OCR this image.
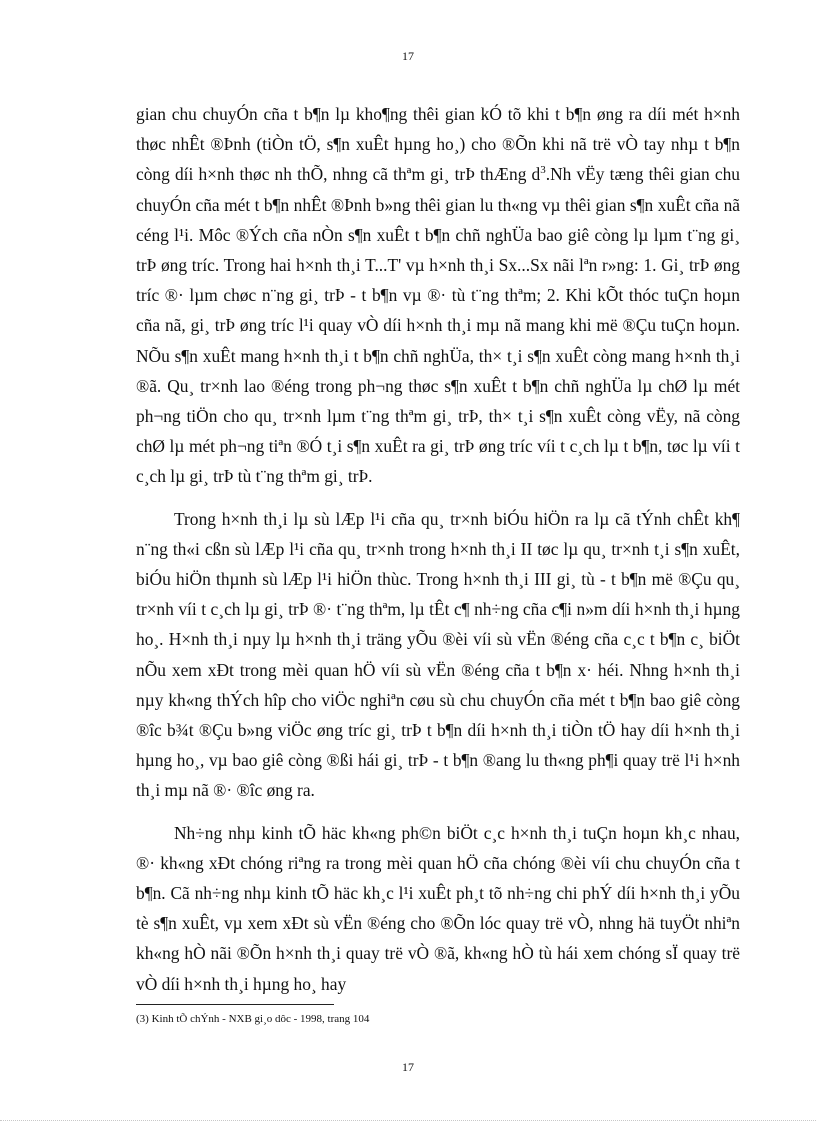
17

gian chu chuyÓn cña t b¶n lµ kho¶ng thêi gian kÓ tõ khi t b¶n øng ra díi mét h×nh thøc nhÊt ®Þnh (tiÒn tÖ, s¶n xuÊt hµng ho¸) cho ®Õn khi nã trë vÒ tay nhµ t b¶n còng díi h×nh thøc nh thÕ, nhng cã thªm gi¸ trÞ thÆng $d^3.Nh$ vËy tæng thêi gian chu chuyÓn cña mét t b¶n nhÊt ®Þnh b»ng thêi gian lu th«ng vµ thêi gian s¶n xuÊt cña nã céng l¹i. Môc ®Ých cña nÒn s¶n xuÊt t b¶n chñ nghÜa bao giê còng lµ lµm t¨ng gi¸ trÞ øng tríc. Trong hai h×nh th¸i T...T' vµ h×nh th¸i Sx...Sx nãi lªn r»ng: 1. Gi¸ trÞ øng tríc ®· lµm chøc n¨ng gi¸ trÞ - t b¶n vµ ®· tù t¨ng thªm; 2. Khi kÕt thóc tuÇn hoµn cña nã, gi¸ trÞ øng tríc l¹i quay vÒ díi h×nh th¸i mµ nã mang khi më ®Çu tuÇn hoµn. NÕu s¶n xuÊt mang h×nh th¸i t b¶n chñ nghÜa, th× t¸i s¶n xuÊt còng mang h×nh th¸i ®ã. Qu¸ tr×nh lao ®éng trong ph¬ng thøc s¶n xuÊt t b¶n chñ nghÜa lµ chØ lµ mét ph¬ng tiÖn cho qu¸ tr×nh lµm t¨ng thªm gi¸ trÞ, th× t¸i s¶n xuÊt còng vËy, nã còng chØ lµ mét ph¬ng tiªn ®Ó t¸i s¶n xuÊt ra gi¸ trÞ øng tríc víi t c¸ch lµ t b¶n, tøc lµ víi t c¸ch lµ gi¸ trÞ tù t¨ng thªm gi¸ trÞ.

Trong h×nh th¸i lµ sù lÆp l¹i cña qu¸ tr×nh biÓu hiÖn ra lµ cã tÝnh chÊt kh¶ n¨ng th«i cßn sù lÆp l¹i cña qu¸ tr×nh trong h×nh th¸i II tøc lµ qu¸ tr×nh t¸i s¶n xuÊt, biÓu hiÖn thµnh sù lÆp l¹i hiÖn thùc. Trong h×nh th¸i III gi¸ tù - t b¶n më ®Çu qu¸ tr×nh víi t c¸ch lµ gi¸ trÞ ®· t¨ng thªm, lµ tÊt c¶ nh÷ng cña c¶i n»m díi h×nh th¸i hµng ho¸. H×nh th¸i nµy lµ h×nh th¸i träng yÕu ®èi víi sù vËn ®éng cña c¸c t b¶n c¸ biÖt nÕu xem xÐt trong mèi quan hÖ víi sù vËn ®éng cña t b¶n x· héi. Nhng h×nh th¸i nµy kh«ng thÝch hîp cho viÖc nghiªn cøu sù chu chuyÓn cña mét t b¶n bao giê còng ®îc b¾t ®Çu b»ng viÖc øng tríc gi¸ trÞ t b¶n díi h×nh th¸i tiÒn tÖ hay díi h×nh th¸i hµng ho¸, vµ bao giê còng ®ßi hái gi¸ trÞ - t b¶n ®ang lu th«ng ph¶i quay trë l¹i h×nh th¸i mµ nã ®· ®îc øng ra.

Nh÷ng nhµ kinh tÕ häc kh«ng ph©n biÖt c¸c h×nh th¸i tuÇn hoµn kh¸c nhau, ®· kh«ng xÐt chóng riªng ra trong mèi quan hÖ cña chóng ®èi víi chu chuyÓn cña t b¶n. Cã nh÷ng nhµ kinh tÕ häc kh¸c l¹i xuÊt ph¸t tõ nh÷ng chi phÝ díi h×nh th¸i yÕu tè s¶n xuÊt, vµ xem xÐt sù vËn ®éng cho ®Õn lóc quay trë vÒ, nhng hä tuyÖt nhiªn kh«ng hÒ nãi ®Õn h×nh th¸i quay trë vÒ ®ã, kh«ng hÒ tù hái xem chóng sÏ quay trë vÒ díi h×nh th¸i hµng ho¸ hay

(3) Kinh tÕ chÝnh - NXB gi¸o dôc - 1998, trang 104
17
